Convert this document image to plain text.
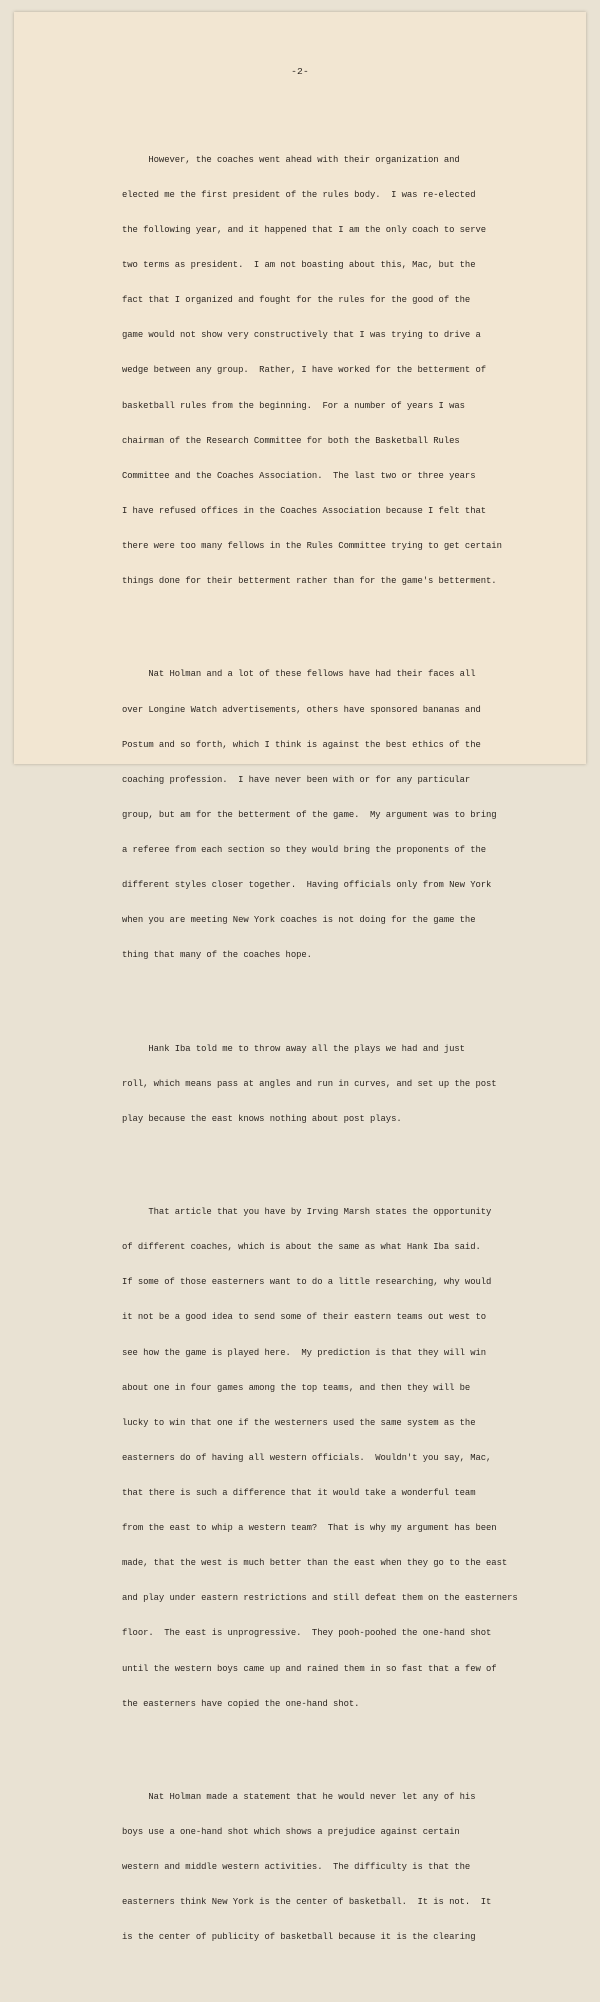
-2-

However, the coaches went ahead with their organization and

elected me the first president of the rules body.  I was re-elected

the following year, and it happened that I am the only coach to serve

two terms as president.  I am not boasting about this, Mac, but the

fact that I organized and fought for the rules for the good of the

game would not show very constructively that I was trying to drive a

wedge between any group.  Rather, I have worked for the betterment of

basketball rules from the beginning.  For a number of years I was

chairman of the Research Committee for both the Basketball Rules

Committee and the Coaches Association.  The last two or three years

I have refused offices in the Coaches Association because I felt that

there were too many fellows in the Rules Committee trying to get certain

things done for their betterment rather than for the game's betterment.

Nat Holman and a lot of these fellows have had their faces all

over Longine Watch advertisements, others have sponsored bananas and

Postum and so forth, which I think is against the best ethics of the

coaching profession.  I have never been with or for any particular

group, but am for the betterment of the game.  My argument was to bring

a referee from each section so they would bring the proponents of the

different styles closer together.  Having officials only from New York

when you are meeting New York coaches is not doing for the game the

thing that many of the coaches hope.

Hank Iba told me to throw away all the plays we had and just

roll, which means pass at angles and run in curves, and set up the post

play because the east knows nothing about post plays.

That article that you have by Irving Marsh states the opportunity

of different coaches, which is about the same as what Hank Iba said.

If some of those easterners want to do a little researching, why would

it not be a good idea to send some of their eastern teams out west to

see how the game is played here.  My prediction is that they will win

about one in four games among the top teams, and then they will be

lucky to win that one if the westerners used the same system as the

easterners do of having all western officials.  Wouldn't you say, Mac,

that there is such a difference that it would take a wonderful team

from the east to whip a western team?  That is why my argument has been

made, that the west is much better than the east when they go to the east

and play under eastern restrictions and still defeat them on the easterners

floor.  The east is unprogressive.  They pooh-poohed the one-hand shot

until the western boys came up and rained them in so fast that a few of

the easterners have copied the one-hand shot.

Nat Holman made a statement that he would never let any of his

boys use a one-hand shot which shows a prejudice against certain

western and middle western activities.  The difficulty is that the

easterners think New York is the center of basketball.  It is not.  It

is the center of publicity of basketball because it is the clearing
